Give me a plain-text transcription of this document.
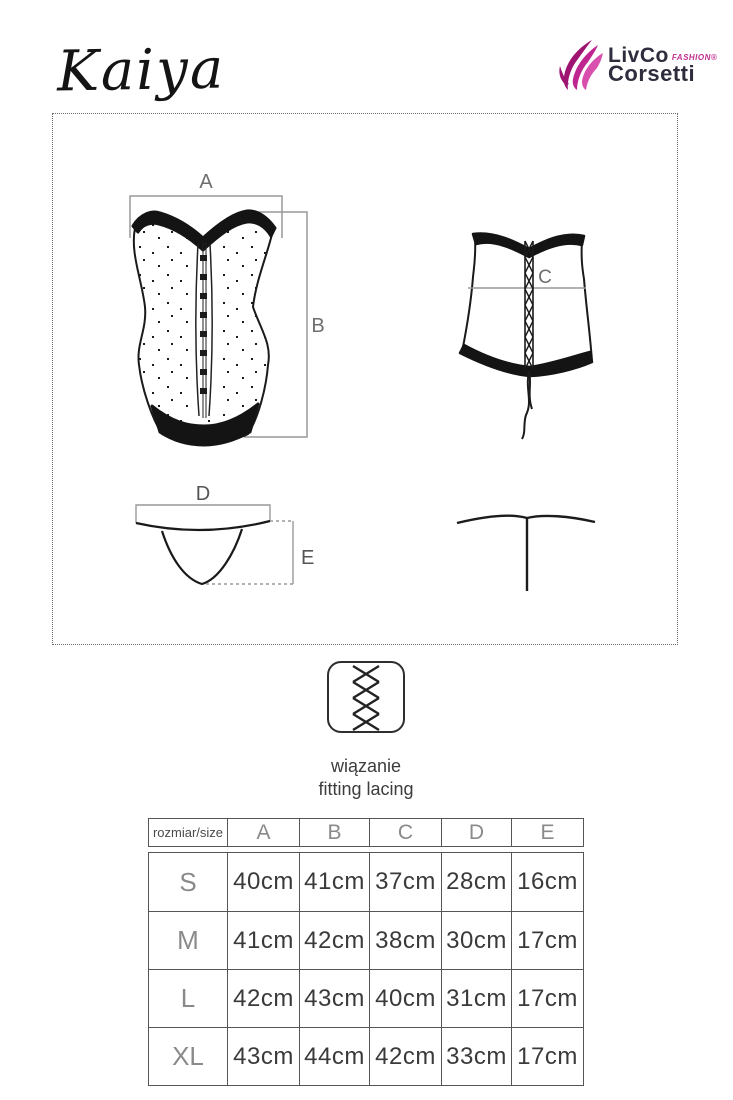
Kaiya	LivCo FASHION®
Corsetti
A
B
C
D
E
wiązanie
fitting lacing
rozmiar/size A	B	C	D	E
S 40cm 41cm 37cm 28cm 16cm
M 41cm 42cm 38cm 30cm 17cm
L 42cm 43cm 40cm 31cm 17cm
XL 43cm 44cm 42cm 33cm 17cm
